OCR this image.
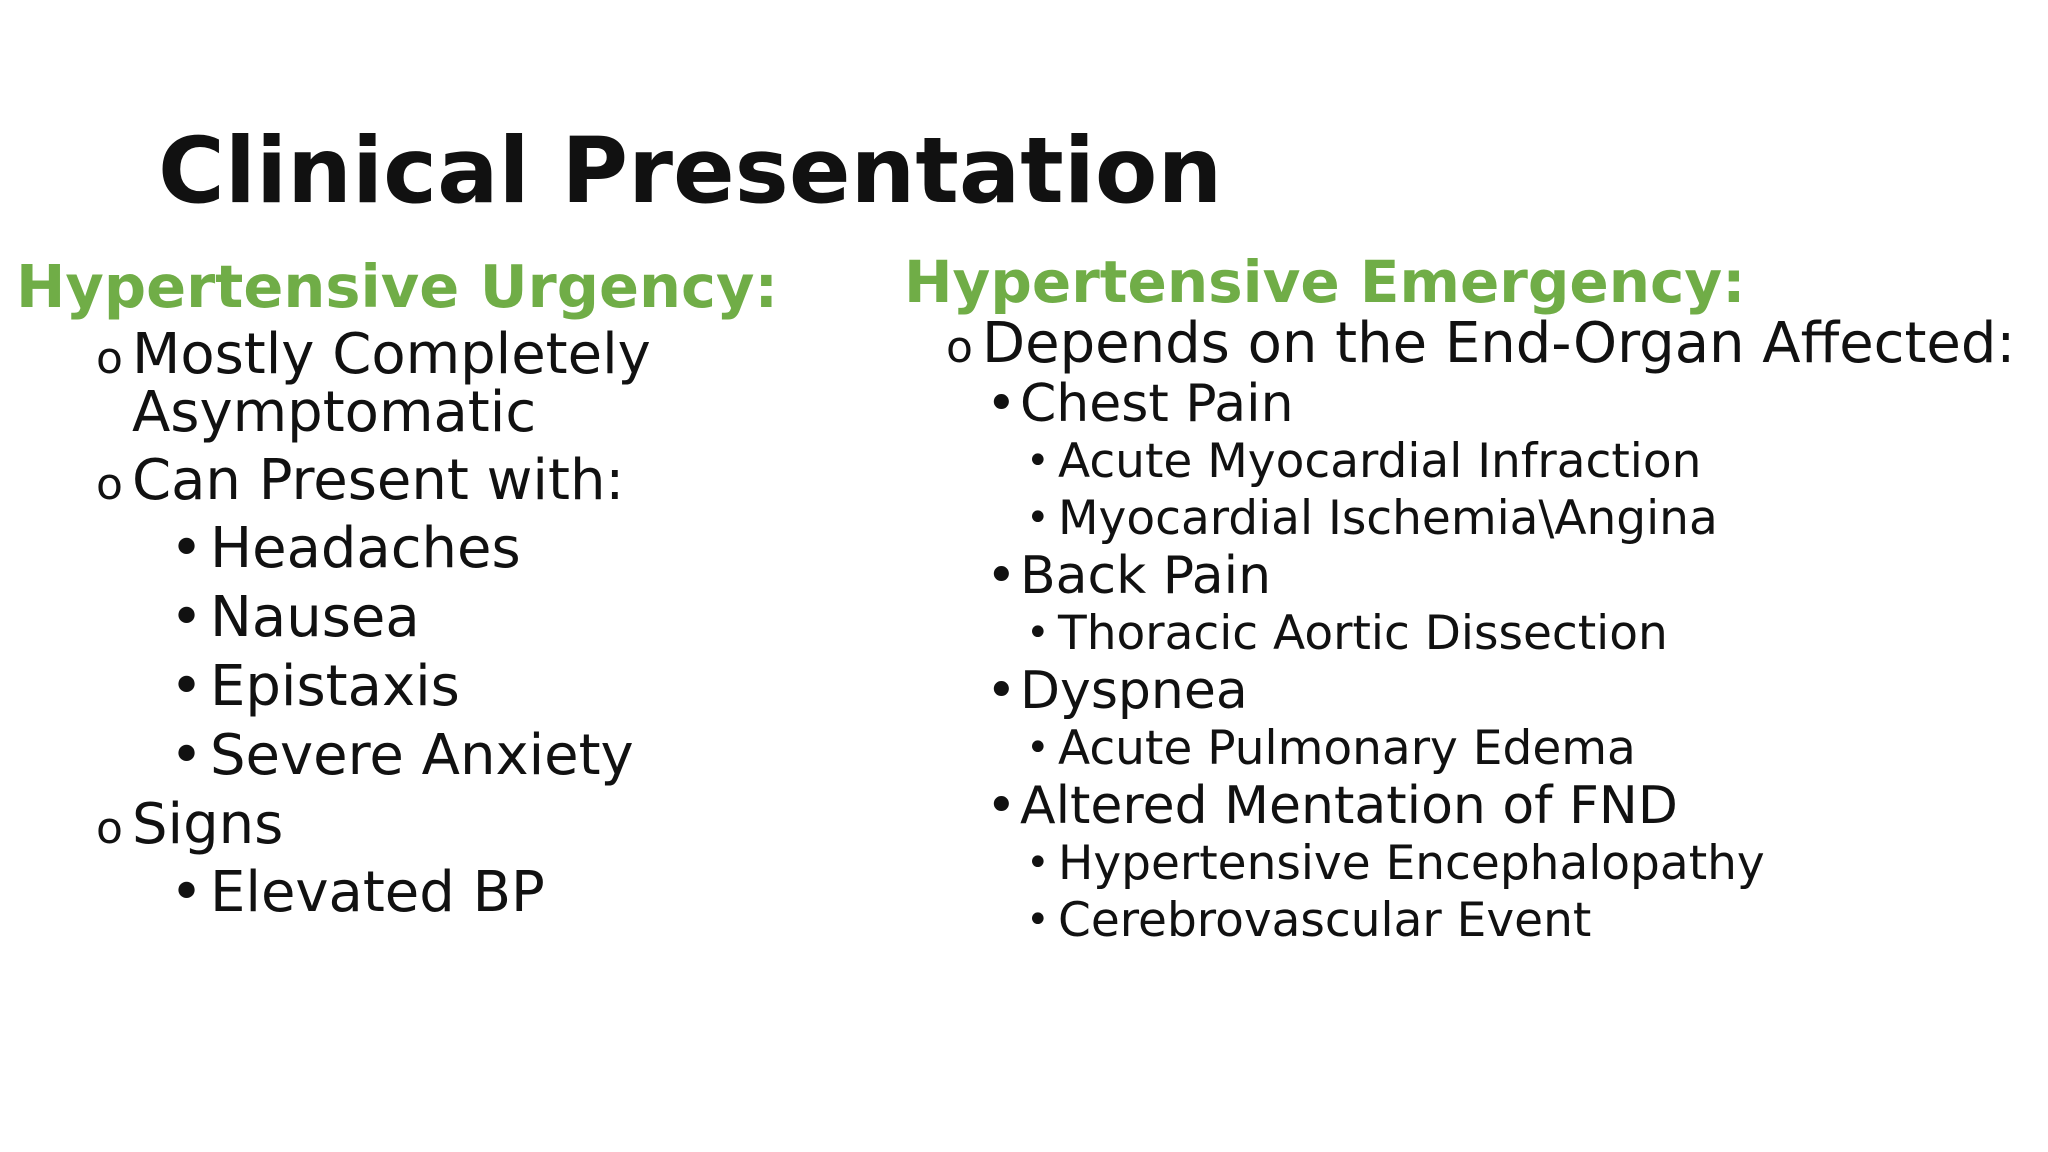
Clinical Presentation
Hypertensive Urgency:
o Mostly Completely
Asymptomatic
o Can Present with:
• Headaches
• Nausea
• Epistaxis
• Severe Anxiety
o Signs
• Elevated BP
Hypertensive Emergency:
o Depends on the End-Organ Affected:
• Chest Pain
• Acute Myocardial Infraction
• Myocardial Ischemia\Angina
• Back Pain
• Thoracic Aortic Dissection
• Dyspnea
• Acute Pulmonary Edema
• Altered Mentation of FND
• Hypertensive Encephalopathy
• Cerebrovascular Event
